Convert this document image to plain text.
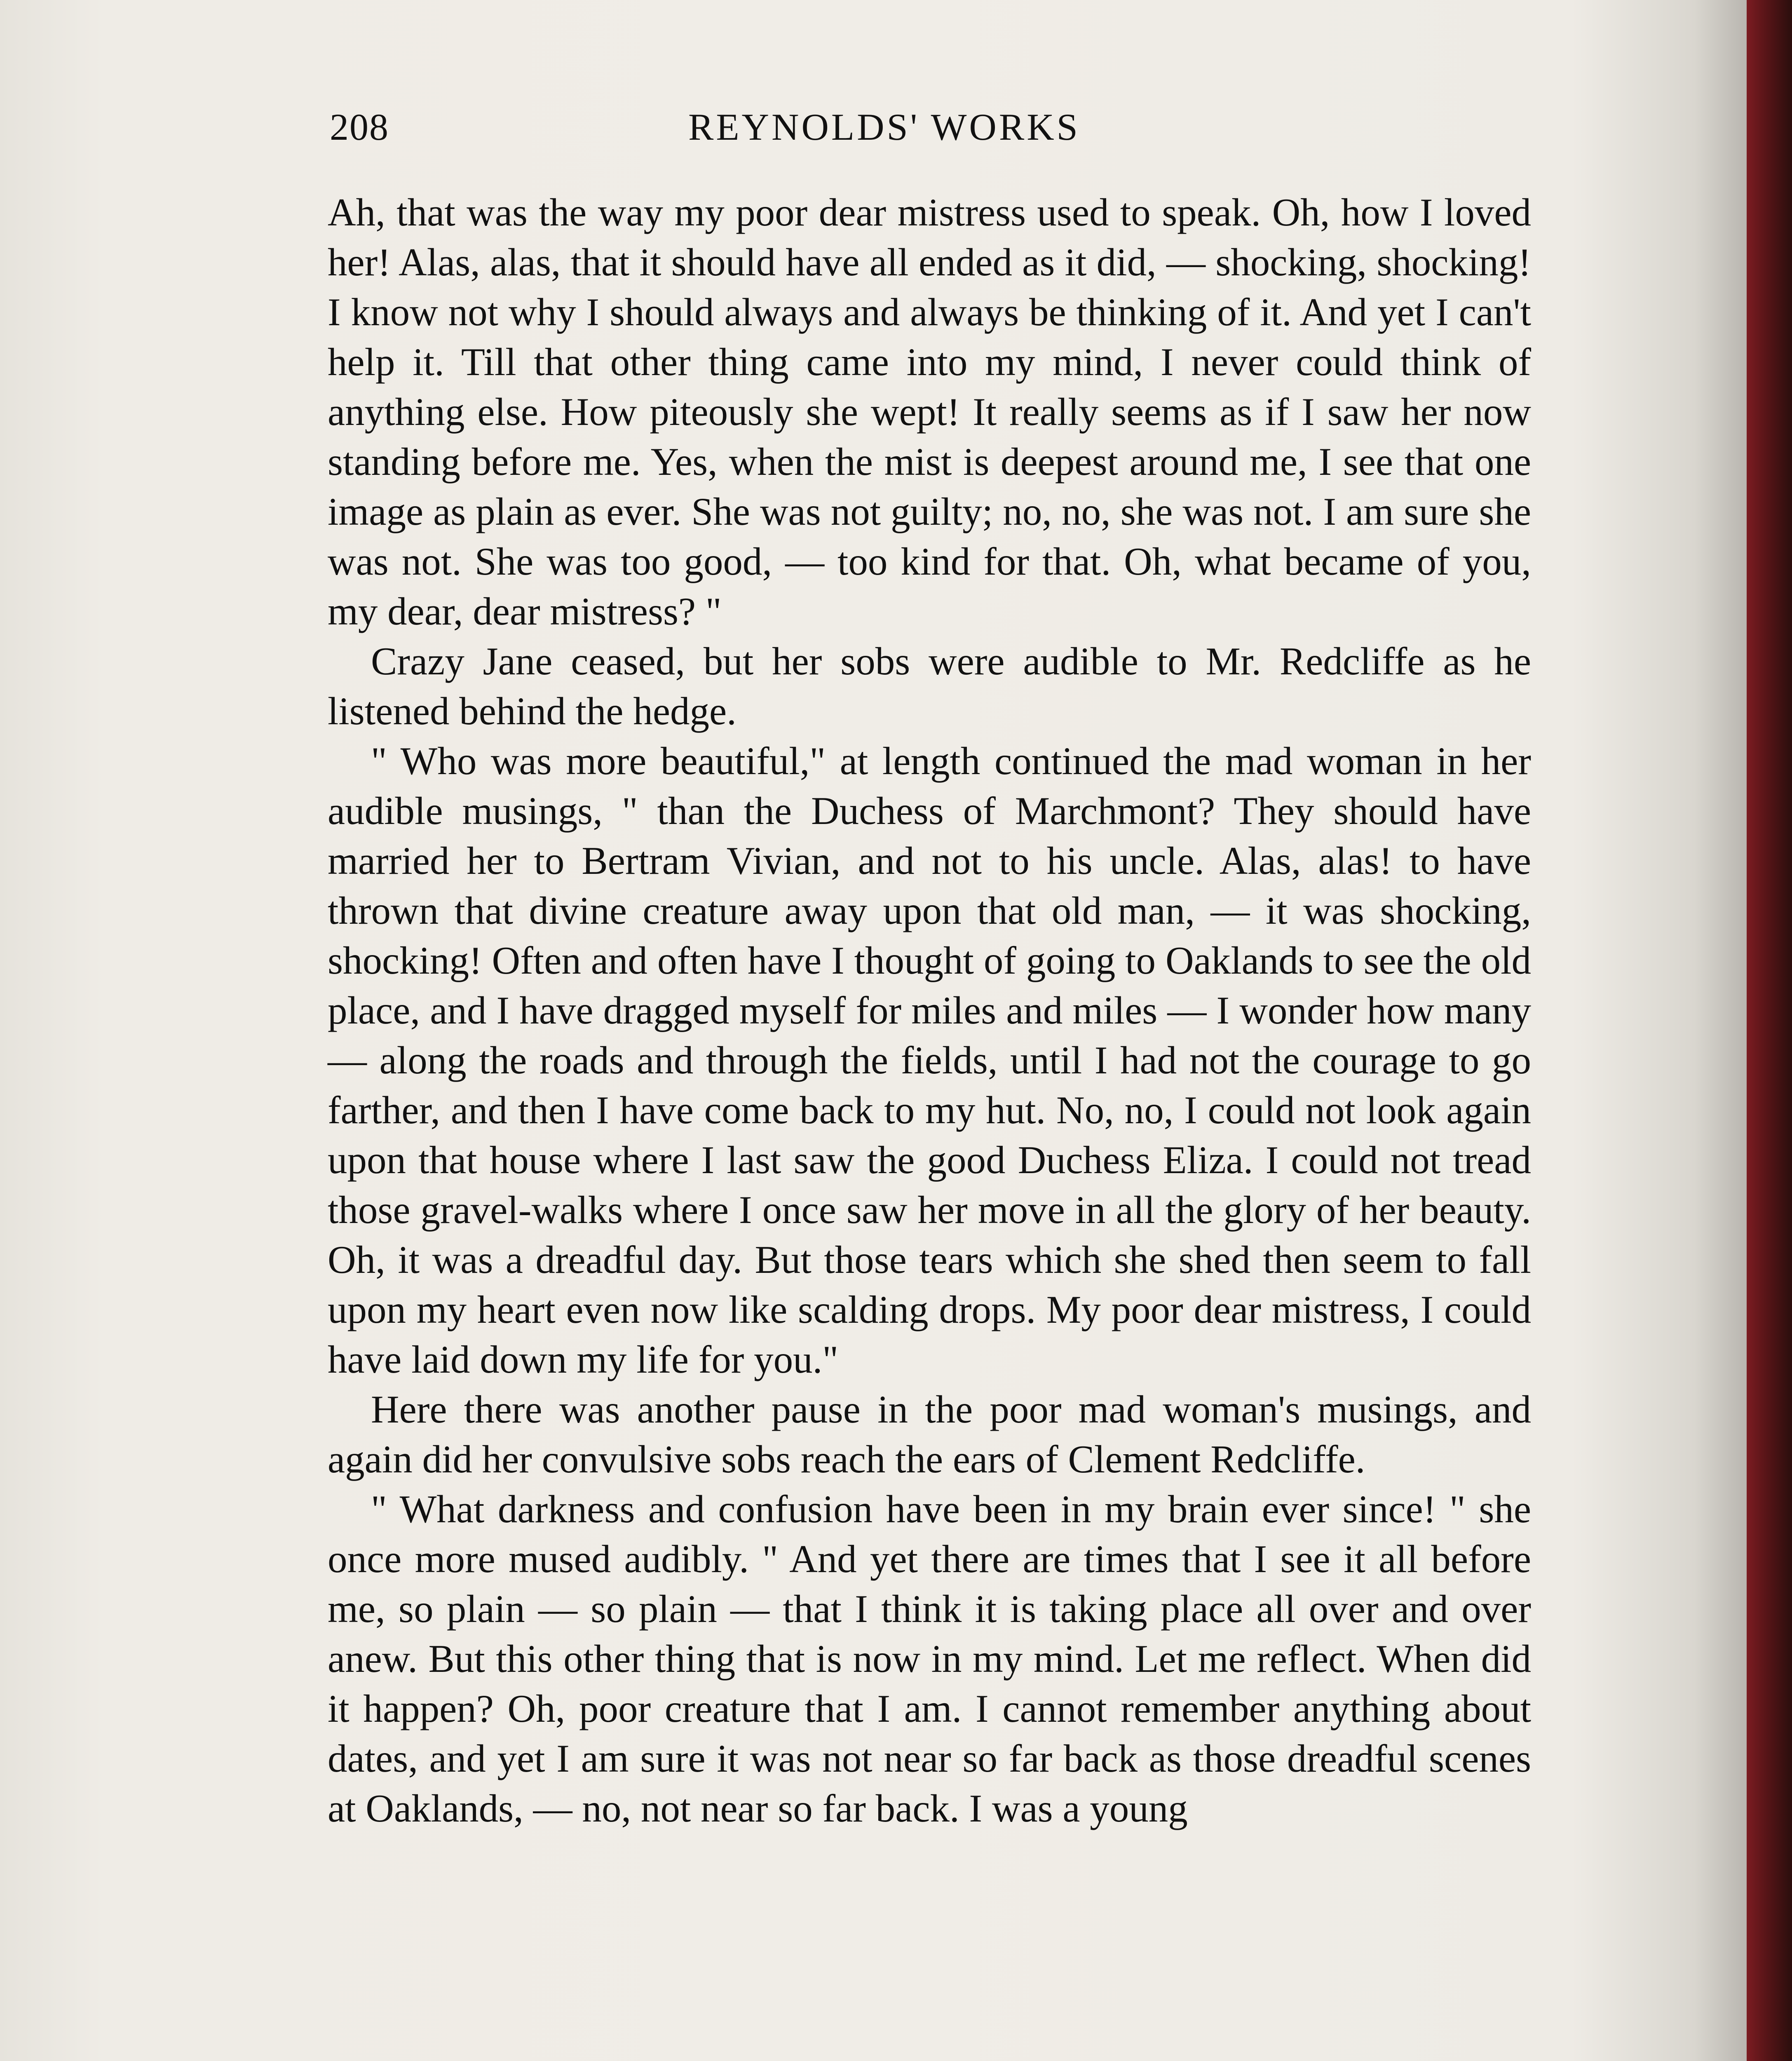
208	REYNOLDS' WORKS

Ah, that was the way my poor dear mistress used to speak. Oh, how I loved her! Alas, alas, that it should have all ended as it did, — shocking, shocking! I know not why I should always and always be thinking of it. And yet I can't help it. Till that other thing came into my mind, I never could think of anything else. How piteously she wept! It really seems as if I saw her now standing before me. Yes, when the mist is deepest around me, I see that one image as plain as ever. She was not guilty; no, no, she was not. I am sure she was not. She was too good, — too kind for that. Oh, what became of you, my dear, dear mistress? "

Crazy Jane ceased, but her sobs were audible to Mr. Redcliffe as he listened behind the hedge.

" Who was more beautiful," at length continued the mad woman in her audible musings, " than the Duchess of Marchmont? They should have married her to Bertram Vivian, and not to his uncle. Alas, alas! to have thrown that divine creature away upon that old man, — it was shocking, shocking! Often and often have I thought of going to Oaklands to see the old place, and I have dragged myself for miles and miles — I wonder how many — along the roads and through the fields, until I had not the courage to go farther, and then I have come back to my hut. No, no, I could not look again upon that house where I last saw the good Duchess Eliza. I could not tread those gravel-walks where I once saw her move in all the glory of her beauty. Oh, it was a dreadful day. But those tears which she shed then seem to fall upon my heart even now like scalding drops. My poor dear mistress, I could have laid down my life for you."

Here there was another pause in the poor mad woman's musings, and again did her convulsive sobs reach the ears of Clement Redcliffe.

" What darkness and confusion have been in my brain ever since! " she once more mused audibly. " And yet there are times that I see it all before me, so plain — so plain — that I think it is taking place all over and over anew. But this other thing that is now in my mind. Let me reflect. When did it happen? Oh, poor creature that I am. I cannot remember anything about dates, and yet I am sure it was not near so far back as those dreadful scenes at Oaklands, — no, not near so far back. I was a young
